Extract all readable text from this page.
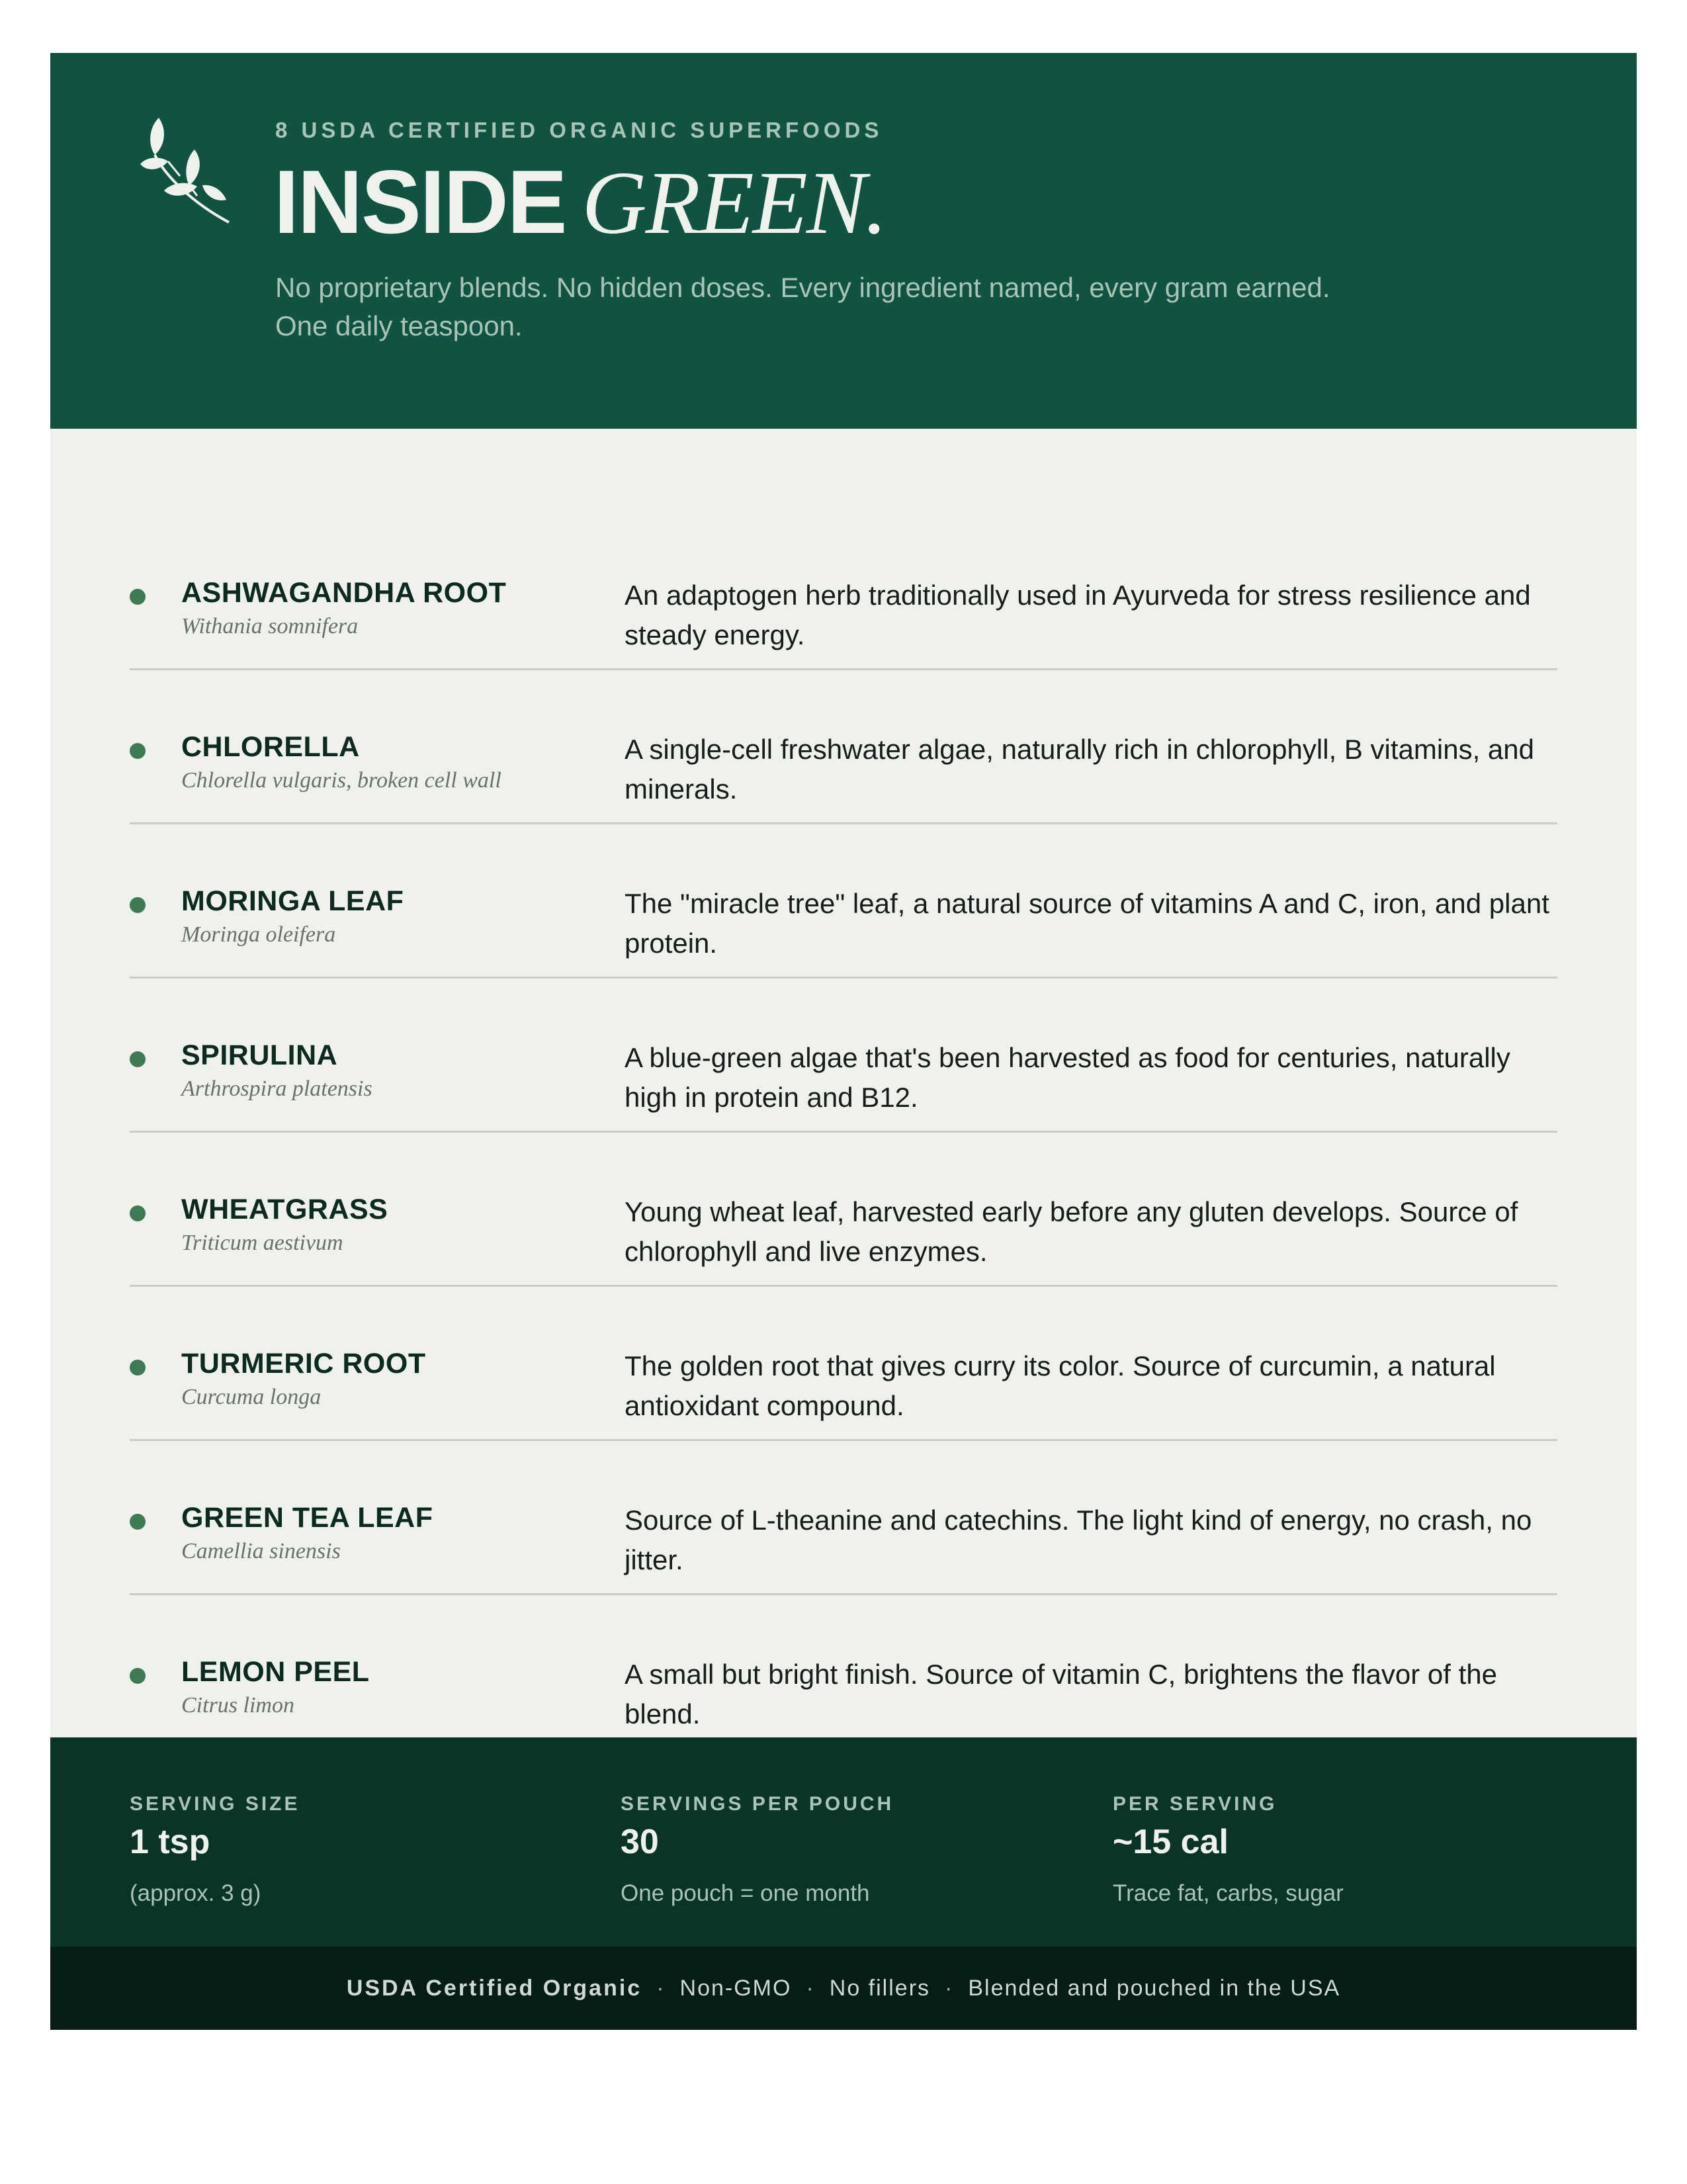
8 USDA CERTIFIED ORGANIC SUPERFOODS
INSIDE GREEN.
No proprietary blends. No hidden doses. Every ingredient named, every gram earned. One daily teaspoon.
ASHWAGANDHA ROOT
Withania somnifera
An adaptogen herb traditionally used in Ayurveda for stress resilience and steady energy.
CHLORELLA
Chlorella vulgaris, broken cell wall
A single-cell freshwater algae, naturally rich in chlorophyll, B vitamins, and minerals.
MORINGA LEAF
Moringa oleifera
The "miracle tree" leaf, a natural source of vitamins A and C, iron, and plant protein.
SPIRULINA
Arthrospira platensis
A blue-green algae that's been harvested as food for centuries, naturally high in protein and B12.
WHEATGRASS
Triticum aestivum
Young wheat leaf, harvested early before any gluten develops. Source of chlorophyll and live enzymes.
TURMERIC ROOT
Curcuma longa
The golden root that gives curry its color. Source of curcumin, a natural antioxidant compound.
GREEN TEA LEAF
Camellia sinensis
Source of L-theanine and catechins. The light kind of energy, no crash, no jitter.
LEMON PEEL
Citrus limon
A small but bright finish. Source of vitamin C, brightens the flavor of the blend.
SERVING SIZE
1 tsp
(approx. 3 g)
SERVINGS PER POUCH
30
One pouch = one month
PER SERVING
~15 cal
Trace fat, carbs, sugar
USDA Certified Organic · Non-GMO · No fillers · Blended and pouched in the USA
